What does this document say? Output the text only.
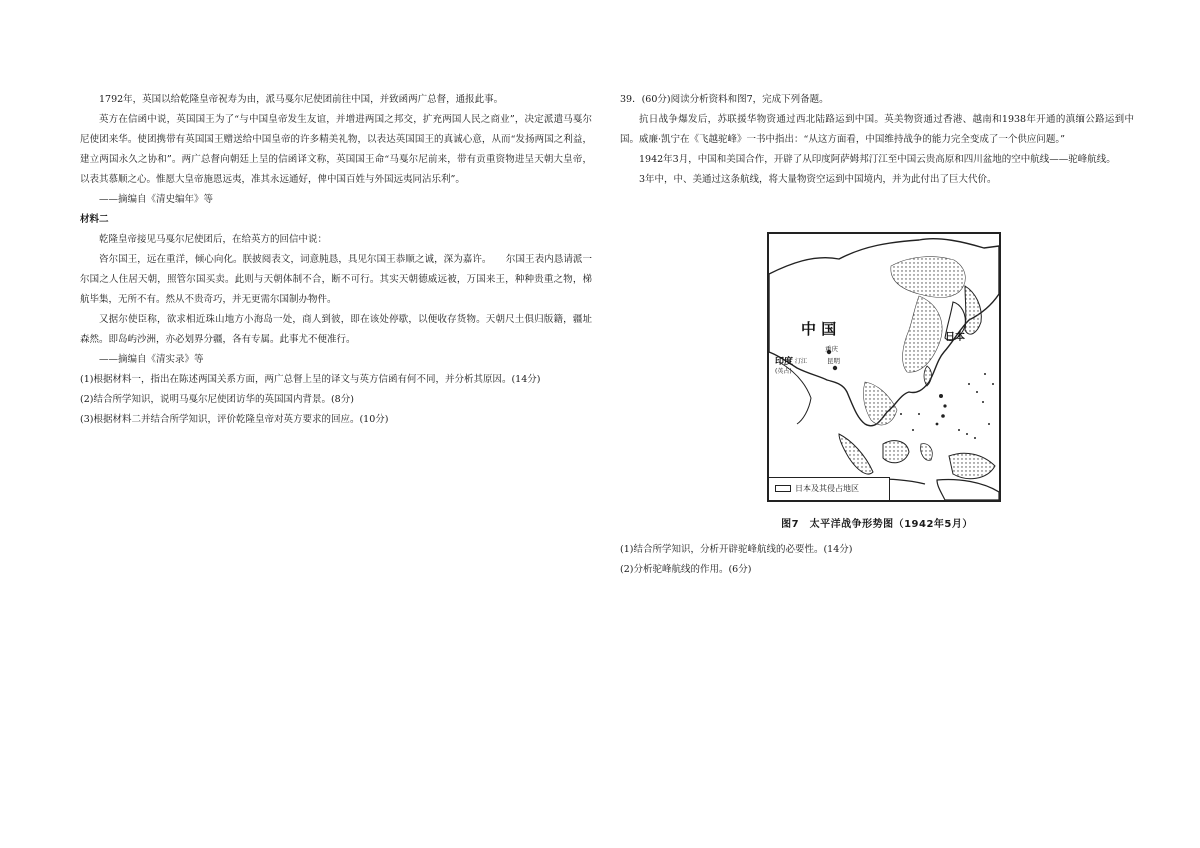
1792年，英国以给乾隆皇帝祝寿为由，派马戛尔尼使团前往中国，并致函两广总督，通报此事。

英方在信函中说，英国国王为了“与中国皇帝发生友谊，并增进两国之邦交，扩充两国人民之商业”，决定派遣马戛尔尼使团来华。使团携带有英国国王赠送给中国皇帝的许多精美礼物，以表达英国国王的真诚心意，从而“发扬两国之利益，建立两国永久之协和”。两广总督向朝廷上呈的信函译文称，英国国王命“马戛尔尼前来，带有贡重资物进呈天朝大皇帝，以表其慕顺之心。惟愿大皇帝施恩远夷，准其永远通好，俾中国百姓与外国远夷同沾乐利”。

——摘编自《清史编年》等

材料二

乾隆皇帝接见马戛尔尼使团后，在给英方的回信中说：

咨尔国王，远在重洋，倾心向化。朕披阅表文，词意肫恳，具见尔国王恭顺之诚，深为嘉许。　　尔国王表内恳请派一尔国之人住居天朝，照管尔国买卖。此则与天朝体制不合，断不可行。其实天朝德威远被，万国来王，种种贵重之物，梯航毕集，无所不有。然从不贵奇巧，并无更需尔国制办物件。

又据尔使臣称，欲求相近珠山地方小海岛一处，商人到彼，即在该处停歇，以便收存货物。天朝尺土俱归版籍，疆址森然。即岛屿沙洲，亦必划界分疆，各有专属。此事尤不便准行。

——摘编自《清实录》等

(1)根据材料一，指出在陈述两国关系方面，两广总督上呈的译文与英方信函有何不同，并分析其原因。(14分)

(2)结合所学知识，说明马戛尔尼使团访华的英国国内背景。(8分)

(3)根据材料二并结合所学知识，评价乾隆皇帝对英方要求的回应。(10分)

39．(60分)阅读分析资料和图7，完成下列备题。

抗日战争爆发后，苏联援华物资通过西北陆路运到中国。英美物资通过香港、越南和1938年开通的滇缅公路运到中国。威廉·凯宁在《飞越驼峰》一书中指出：“从这方面看，中国维持战争的能力完全变成了一个供应问题。”

1942年3月，中国和美国合作，开辟了从印度阿萨姆邦汀江至中国云贵高原和四川盆地的空中航线——驼峰航线。

3年中，中、美通过这条航线，将大量物资空运到中国境内，并为此付出了巨大代价。

中 国	日本
印度
(英占)
汀江
重庆
昆明
日本及其侵占地区
图7　太平洋战争形势图（1942年5月）

(1)结合所学知识，分析开辟驼峰航线的必要性。(14分)

(2)分析驼峰航线的作用。(6分)
